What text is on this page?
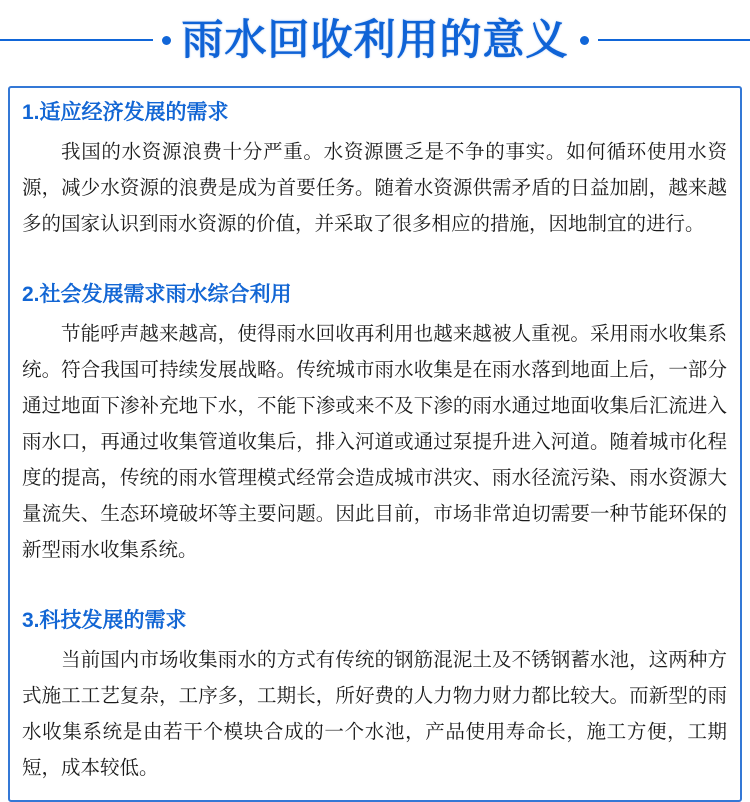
雨水回收利用的意义
1.适应经济发展的需求

我国的水资源浪费十分严重。水资源匮乏是不争的事实。如何循环使用水资源，减少水资源的浪费是成为首要任务。随着水资源供需矛盾的日益加剧，越来越多的国家认识到雨水资源的价值，并采取了很多相应的措施，因地制宜的进行。

2.社会发展需求雨水综合利用

节能呼声越来越高，使得雨水回收再利用也越来越被人重视。采用雨水收集系统。符合我国可持续发展战略。传统城市雨水收集是在雨水落到地面上后，一部分通过地面下渗补充地下水，不能下渗或来不及下渗的雨水通过地面收集后汇流进入雨水口，再通过收集管道收集后，排入河道或通过泵提升进入河道。随着城市化程度的提高，传统的雨水管理模式经常会造成城市洪灾、雨水径流污染、雨水资源大量流失、生态环境破坏等主要问题。因此目前，市场非常迫切需要一种节能环保的新型雨水收集系统。

3.科技发展的需求

当前国内市场收集雨水的方式有传统的钢筋混泥土及不锈钢蓄水池，这两种方式施工工艺复杂，工序多，工期长，所好费的人力物力财力都比较大。而新型的雨水收集系统是由若干个模块合成的一个水池，产品使用寿命长，施工方便，工期短，成本较低。
